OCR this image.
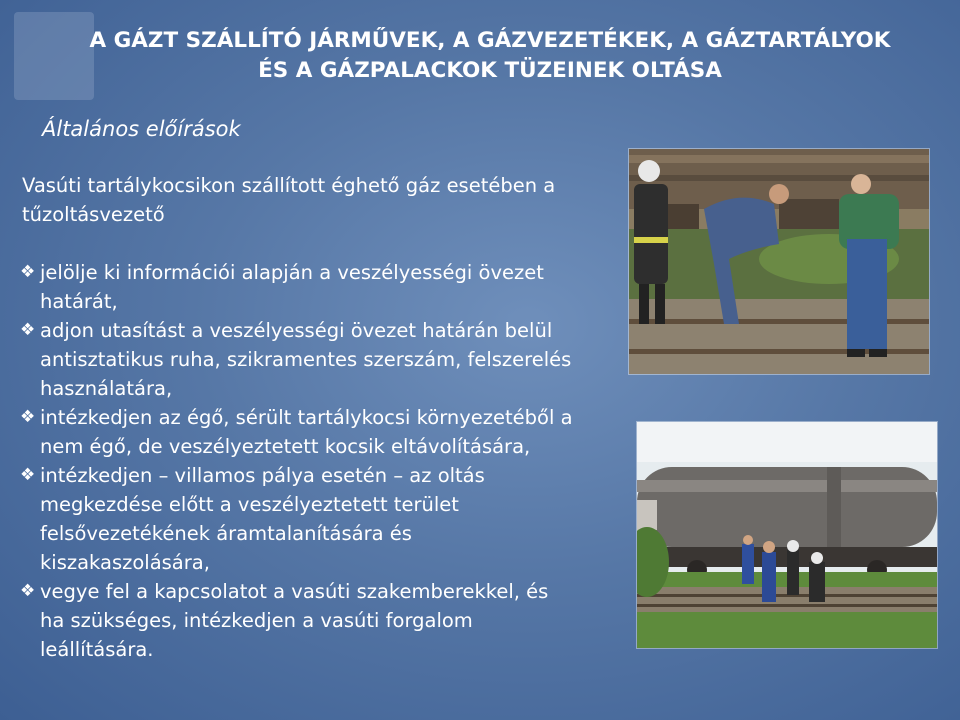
A GÁZT SZÁLLÍTÓ JÁRMŰVEK, A GÁZVEZETÉKEK, A GÁZTARTÁLYOK
ÉS A GÁZPALACKOK TÜZEINEK OLTÁSA
Általános előírások
Vasúti tartálykocsikon szállított éghető gáz esetében a
tűzoltásvezető
❖ jelölje ki információi alapján a veszélyességi övezet
határát,
❖ adjon utasítást a veszélyességi övezet határán belül
antisztatikus ruha, szikramentes szerszám, felszerelés
használatára,
❖ intézkedjen az égő, sérült tartálykocsi környezetéből a
nem égő, de veszélyeztetett kocsik eltávolítására,
❖ intézkedjen – villamos pálya esetén – az oltás
megkezdése előtt a veszélyeztetett terület
felsővezetékének áramtalanítására és
kiszakaszolására,
❖ vegye fel a kapcsolatot a vasúti szakemberekkel, és
ha szükséges, intézkedjen a vasúti forgalom
leállítására.
